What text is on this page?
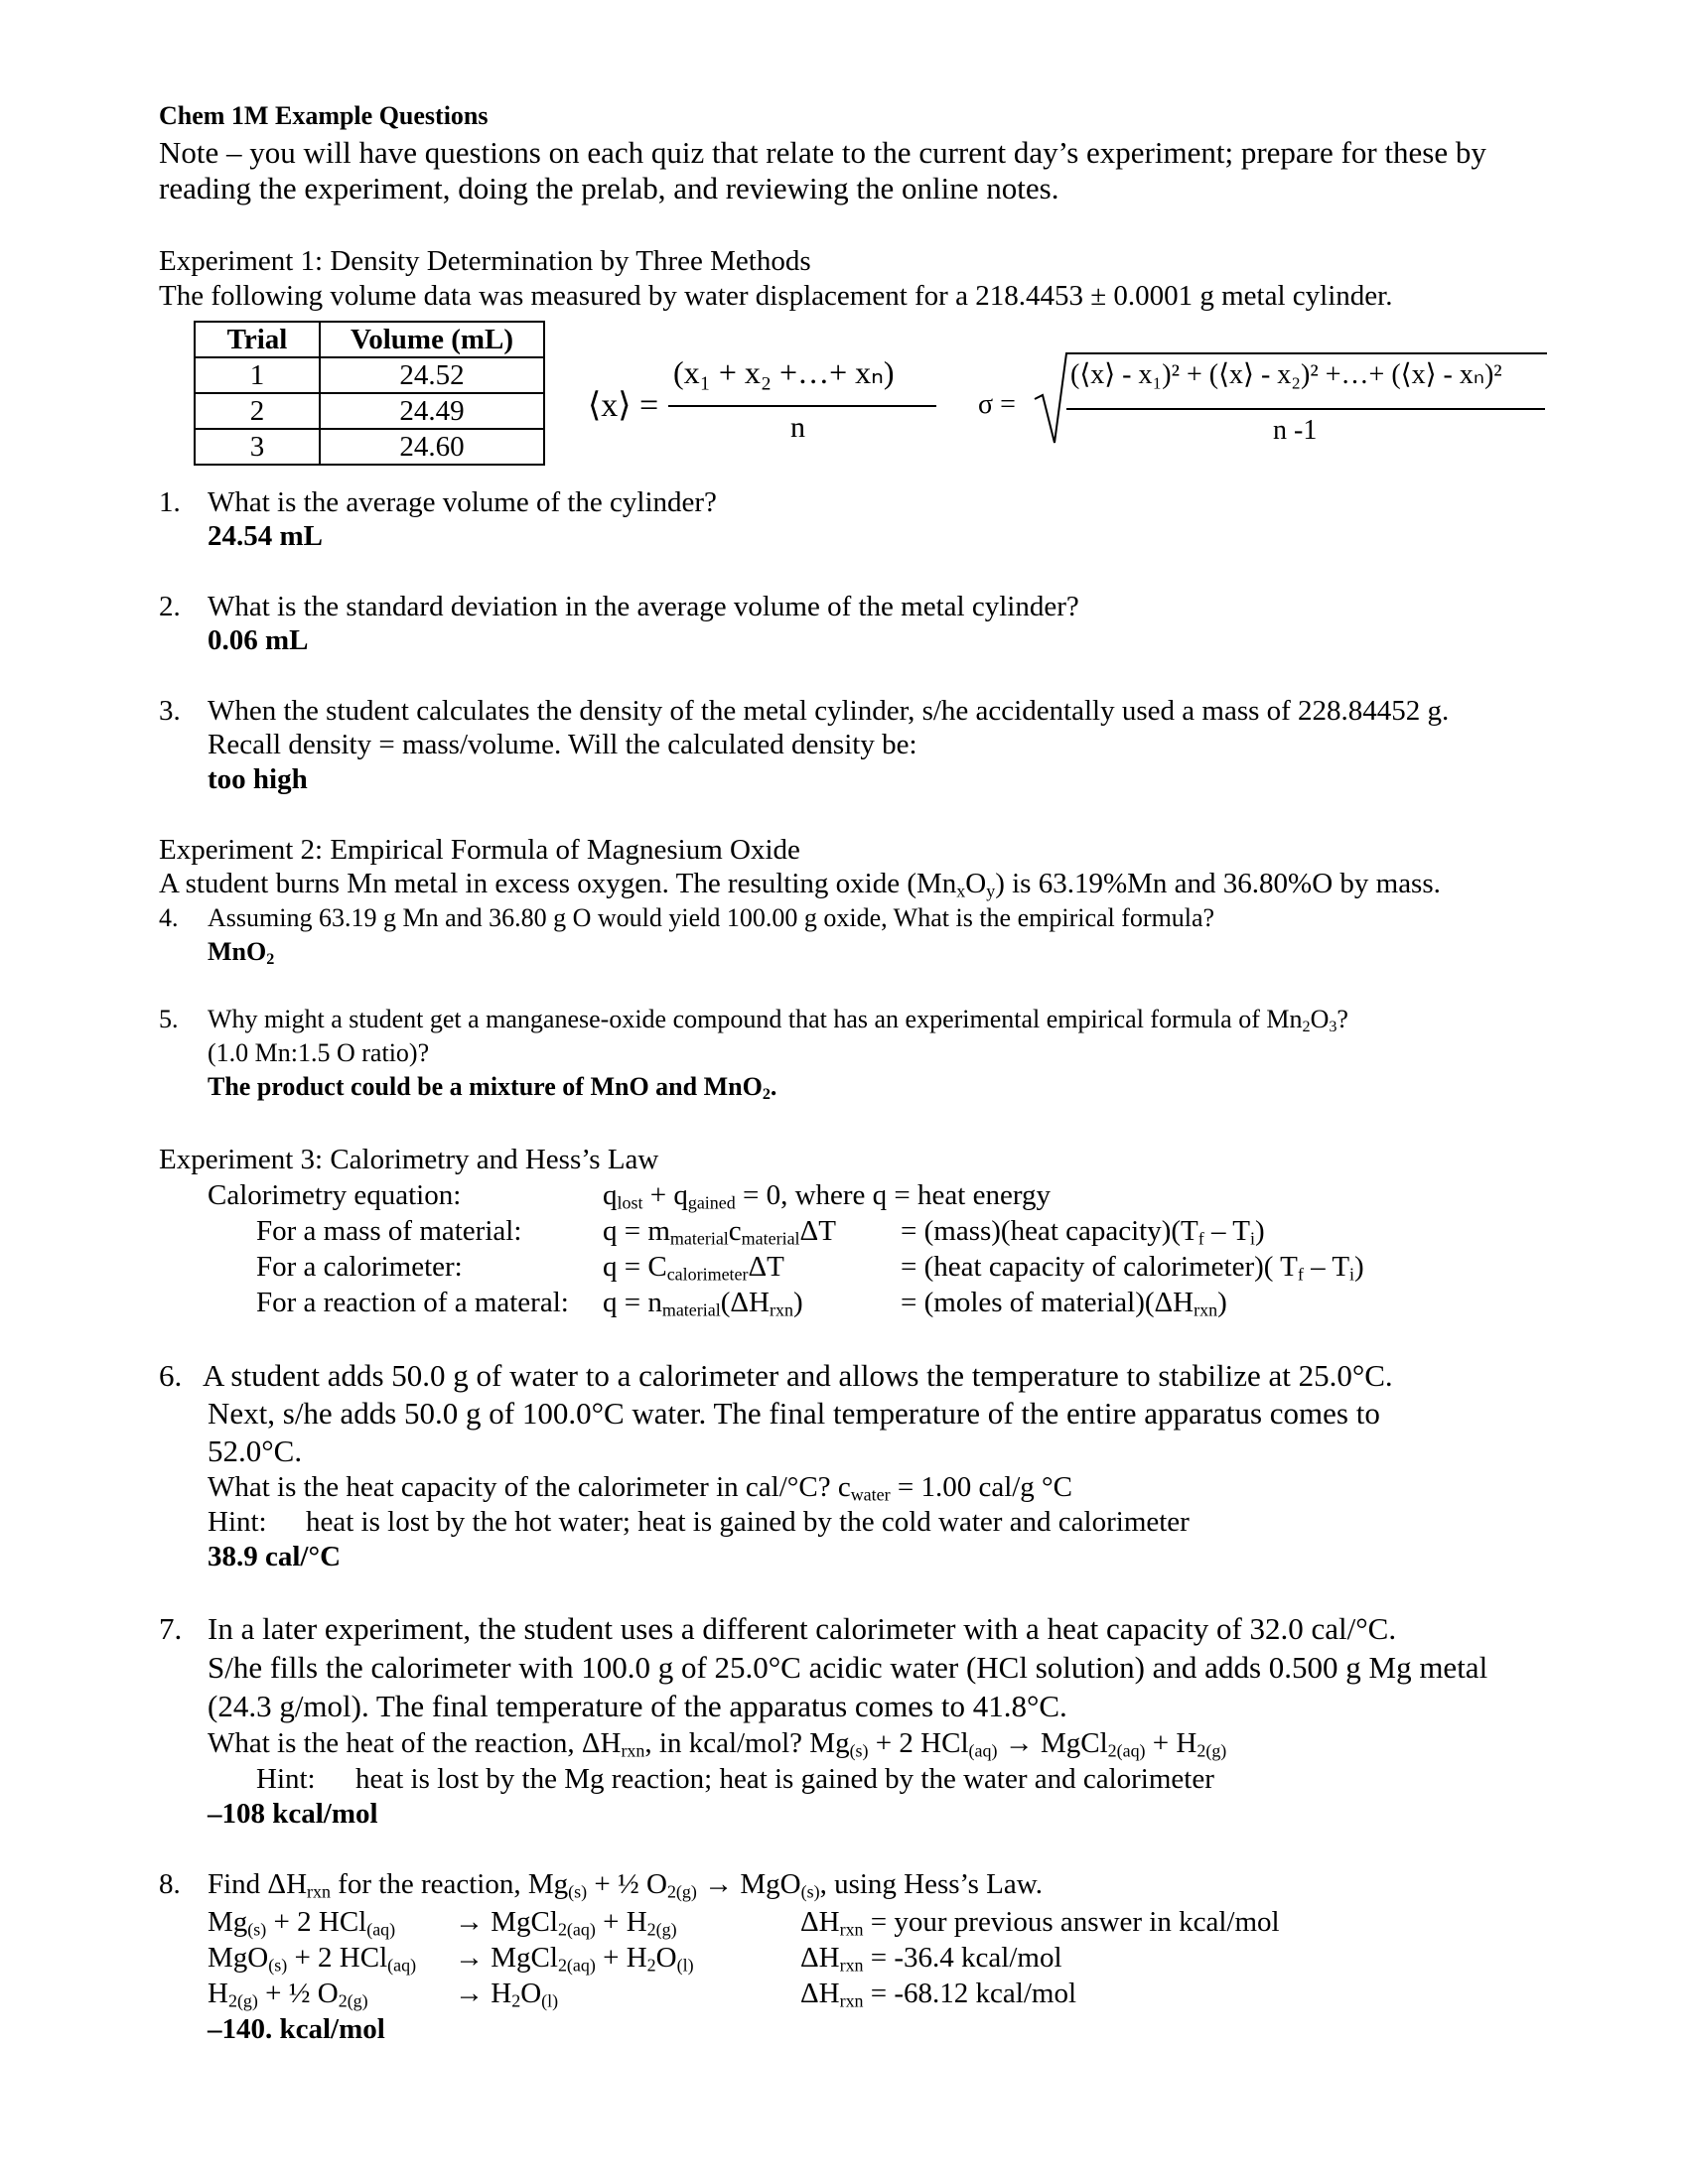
Chem 1M Example Questions
Note – you will have questions on each quiz that relate to the current day’s experiment; prepare for these by
reading the experiment, doing the prelab, and reviewing the online notes.
Experiment 1: Density Determination by Three Methods
The following volume data was measured by water displacement for a 218.4453 ± 0.0001 g metal cylinder.
Trial	Volume (mL)
1	24.52
2	24.49
3	24.60
⟨x⟩ =
(x₁ + x₂ +…+ xₙ)
n
σ =
(⟨x⟩ - x₁)² + (⟨x⟩ - x₂)² +…+ (⟨x⟩ - xₙ)²
n -1
1. What is the average volume of the cylinder?
24.54 mL
2. What is the standard deviation in the average volume of the metal cylinder?
0.06 mL
3. When the student calculates the density of the metal cylinder, s/he accidentally used a mass of 228.84452 g.
Recall density = mass/volume. Will the calculated density be:
too high
Experiment 2: Empirical Formula of Magnesium Oxide
A student burns Mn metal in excess oxygen. The resulting oxide $(Mn_xO_y)$ is 63.19%Mn and 36.80%O by mass.
4. Assuming 63.19 g Mn and 36.80 g O would yield 100.00 g oxide, What is the empirical formula?
MnO$_2$
5. Why might a student get a manganese-oxide compound that has an experimental empirical formula of $Mn_2O_3$?
(1.0 Mn:1.5 O ratio)?
The product could be a mixture of MnO and MnO$_2$.
Experiment 3: Calorimetry and Hess’s Law
Calorimetry equation:	$q_{lost} + q_{gained} = 0$, where q = heat energy
For a mass of material:	$q = m_{material}c_{material}\Delta T$ = (mass)(heat $capacity)(T_f - T_i)$
For a calorimeter:	$q = C_{calorimeter}\Delta T$	= (heat capacity of calorimeter)( $T_f - T_i$)
For a reaction of a materal: $q = n_{material}(\Delta H_{rxn})$	= (moles of $material)(\Delta H_{rxn})$
6. A student adds 50.0 g of water to a calorimeter and allows the temperature to stabilize at 25.0°C.
Next, s/he adds 50.0 g of 100.0°C water. The final temperature of the entire apparatus comes to
52.0°C.
What is the heat capacity of the calorimeter in cal/°C? $c_{water} = 1.00$ cal/g °C
Hint: heat is lost by the hot water; heat is gained by the cold water and calorimeter
38.9 cal/°C
7. In a later experiment, the student uses a different calorimeter with a heat capacity of 32.0 cal/°C.
S/he fills the calorimeter with 100.0 g of 25.0°C acidic water (HCl solution) and adds 0.500 g Mg metal
(24.3 g/mol). The final temperature of the apparatus comes to 41.8°C.
What is the heat of the reaction, $\Delta H_{rxn}$, in kcal/mol? $Mg_{(s)} + 2$ HCl$_{(aq)}$ → MgCl$_{2(aq)}$ + $H_{2(g)}$
Hint: heat is lost by the Mg reaction; heat is gained by the water and calorimeter
–108 kcal/mol
8. Find $\Delta H_{rxn}$ for the reaction, $Mg_{(s)}$ + ½ $O_{2(g)} \to MgO_{(s)}$, using Hess’s Law.
$Mg_{(s)} + 2$ HCl$_{(aq)}$ → MgCl$_{2(aq)}$ + $H_{2(g)}$	$\Delta H_{rxn}$ = your previous answer in kcal/mol
MgO$_{(s)}$ + 2 HCl$_{(aq)}$ → MgCl$_{2(aq)}$ + $H_2O_{(l)}$	$\Delta H_{rxn} = -36.4$ kcal/mol
$H_{2(g)}$ + ½ $O_{2(g)}$	→ $H_2O_{(l)}$	$\Delta H_{rxn} = -68.12$ kcal/mol
–140. kcal/mol
